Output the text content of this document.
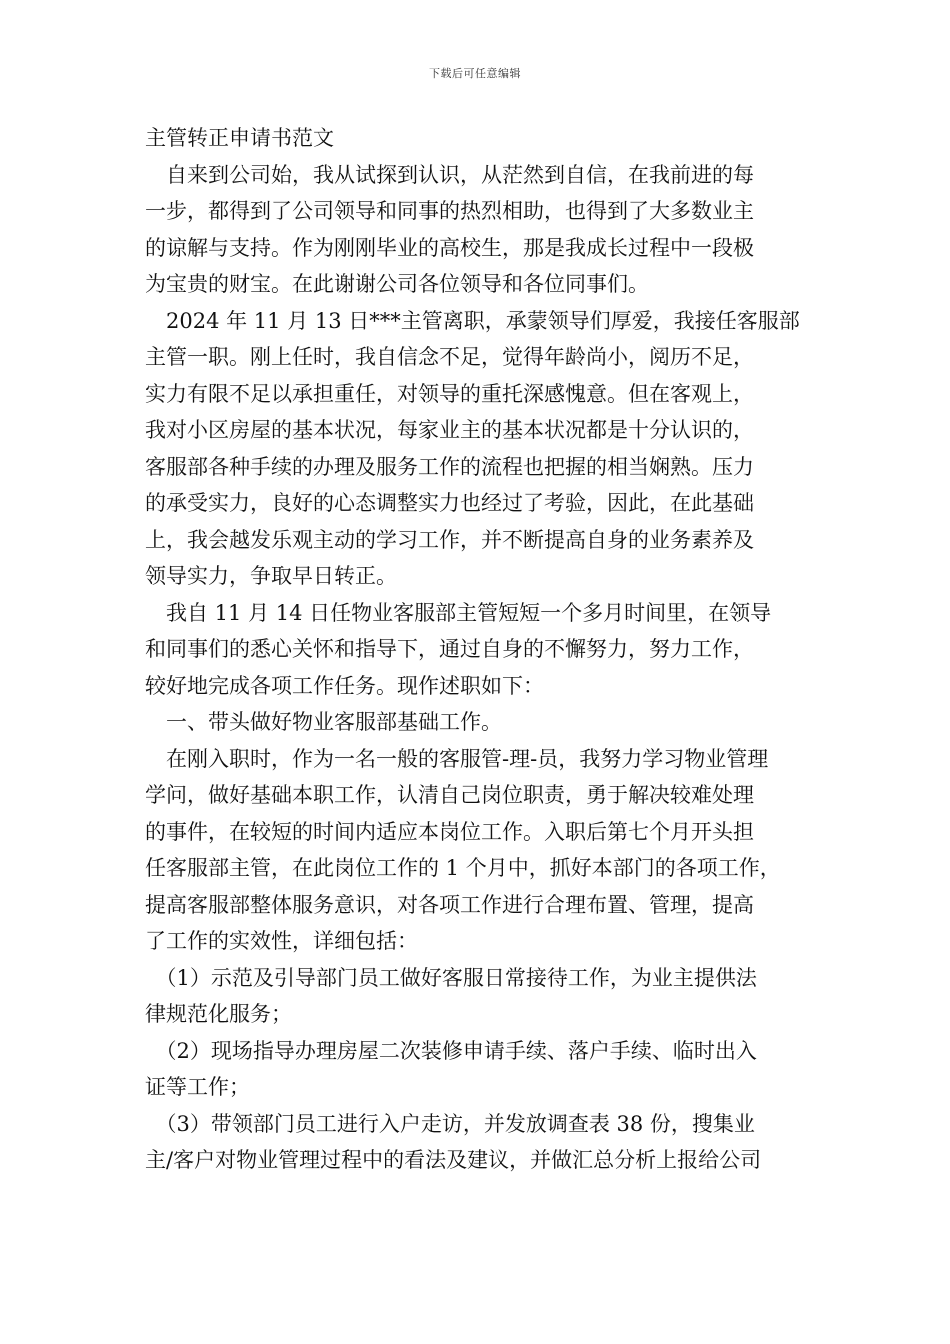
下载后可任意编辑
主管转正申请书范文
　自来到公司始，我从试探到认识，从茫然到自信，在我前进的每
一步，都得到了公司领导和同事的热烈相助，也得到了大多数业主
的谅解与支持。作为刚刚毕业的高校生，那是我成长过程中一段极
为宝贵的财宝。在此谢谢公司各位领导和各位同事们。
　2024 年 11 月 13 日***主管离职，承蒙领导们厚爱，我接任客服部
主管一职。刚上任时，我自信念不足，觉得年龄尚小，阅历不足，
实力有限不足以承担重任，对领导的重托深感愧意。但在客观上，
我对小区房屋的基本状况，每家业主的基本状况都是十分认识的，
客服部各种手续的办理及服务工作的流程也把握的相当娴熟。压力
的承受实力，良好的心态调整实力也经过了考验，因此，在此基础
上，我会越发乐观主动的学习工作，并不断提高自身的业务素养及
领导实力，争取早日转正。
　我自 11 月 14 日任物业客服部主管短短一个多月时间里，在领导
和同事们的悉心关怀和指导下，通过自身的不懈努力，努力工作，
较好地完成各项工作任务。现作述职如下：
　一、带头做好物业客服部基础工作。
　在刚入职时，作为一名一般的客服管-理-员，我努力学习物业管理
学问，做好基础本职工作，认清自己岗位职责，勇于解决较难处理
的事件，在较短的时间内适应本岗位工作。入职后第七个月开头担
任客服部主管，在此岗位工作的 1 个月中，抓好本部门的各项工作，
提高客服部整体服务意识，对各项工作进行合理布置、管理，提高
了工作的实效性，详细包括：
　（1）示范及引导部门员工做好客服日常接待工作，为业主提供法
律规范化服务；
　（2）现场指导办理房屋二次装修申请手续、落户手续、临时出入
证等工作；
　（3）带领部门员工进行入户走访，并发放调查表 38 份，搜集业
主/客户对物业管理过程中的看法及建议，并做汇总分析上报给公司
